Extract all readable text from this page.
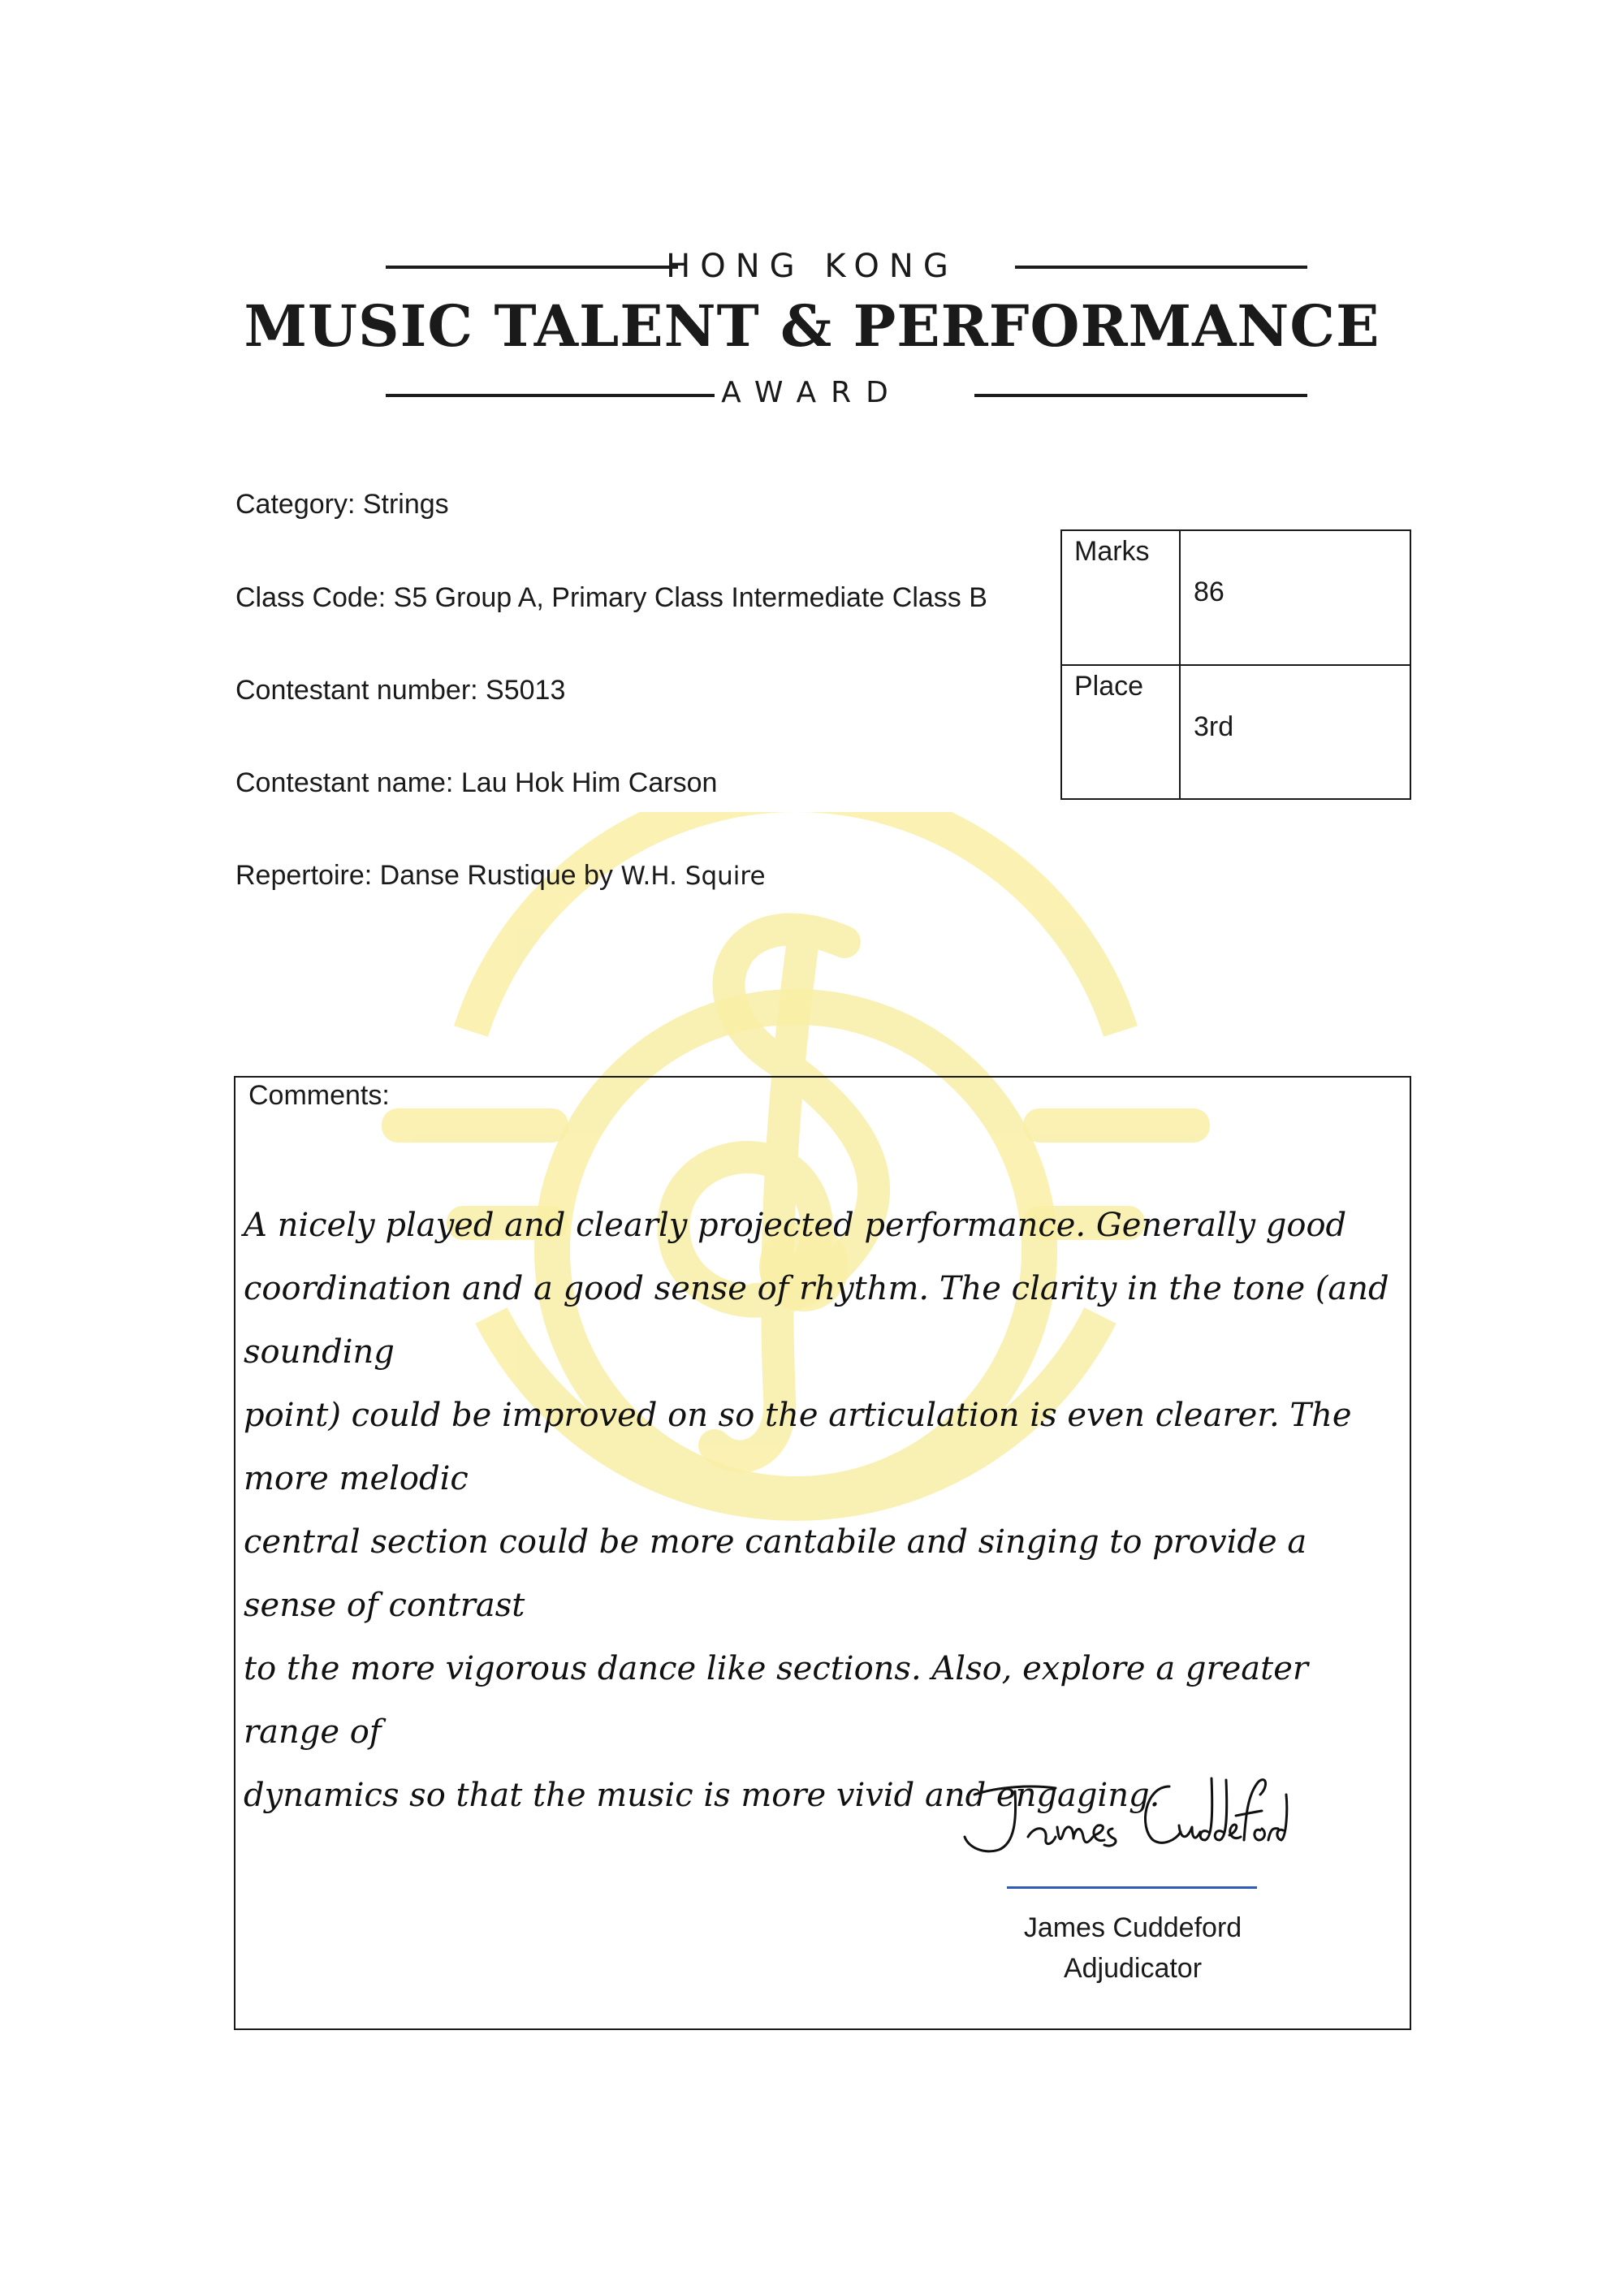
HONG KONG
MUSIC TALENT & PERFORMANCE
AWARD
Category: Strings
Class Code: S5 Group A, Primary Class Intermediate Class B
Contestant number: S5013
Contestant name: Lau Hok Him Carson
Repertoire: Danse Rustique by W.H. Squire
Marks
86
Place
3rd
Comments:
A nicely played and clearly projected performance. Generally good
coordination and a good sense of rhythm. The clarity in the tone (and sounding
point) could be improved on so the articulation is even clearer. The more melodic
central section could be more cantabile and singing to provide a sense of contrast
to the more vigorous dance like sections. Also, explore a greater range of
dynamics so that the music is more vivid and engaging.
James Cuddeford
Adjudicator
